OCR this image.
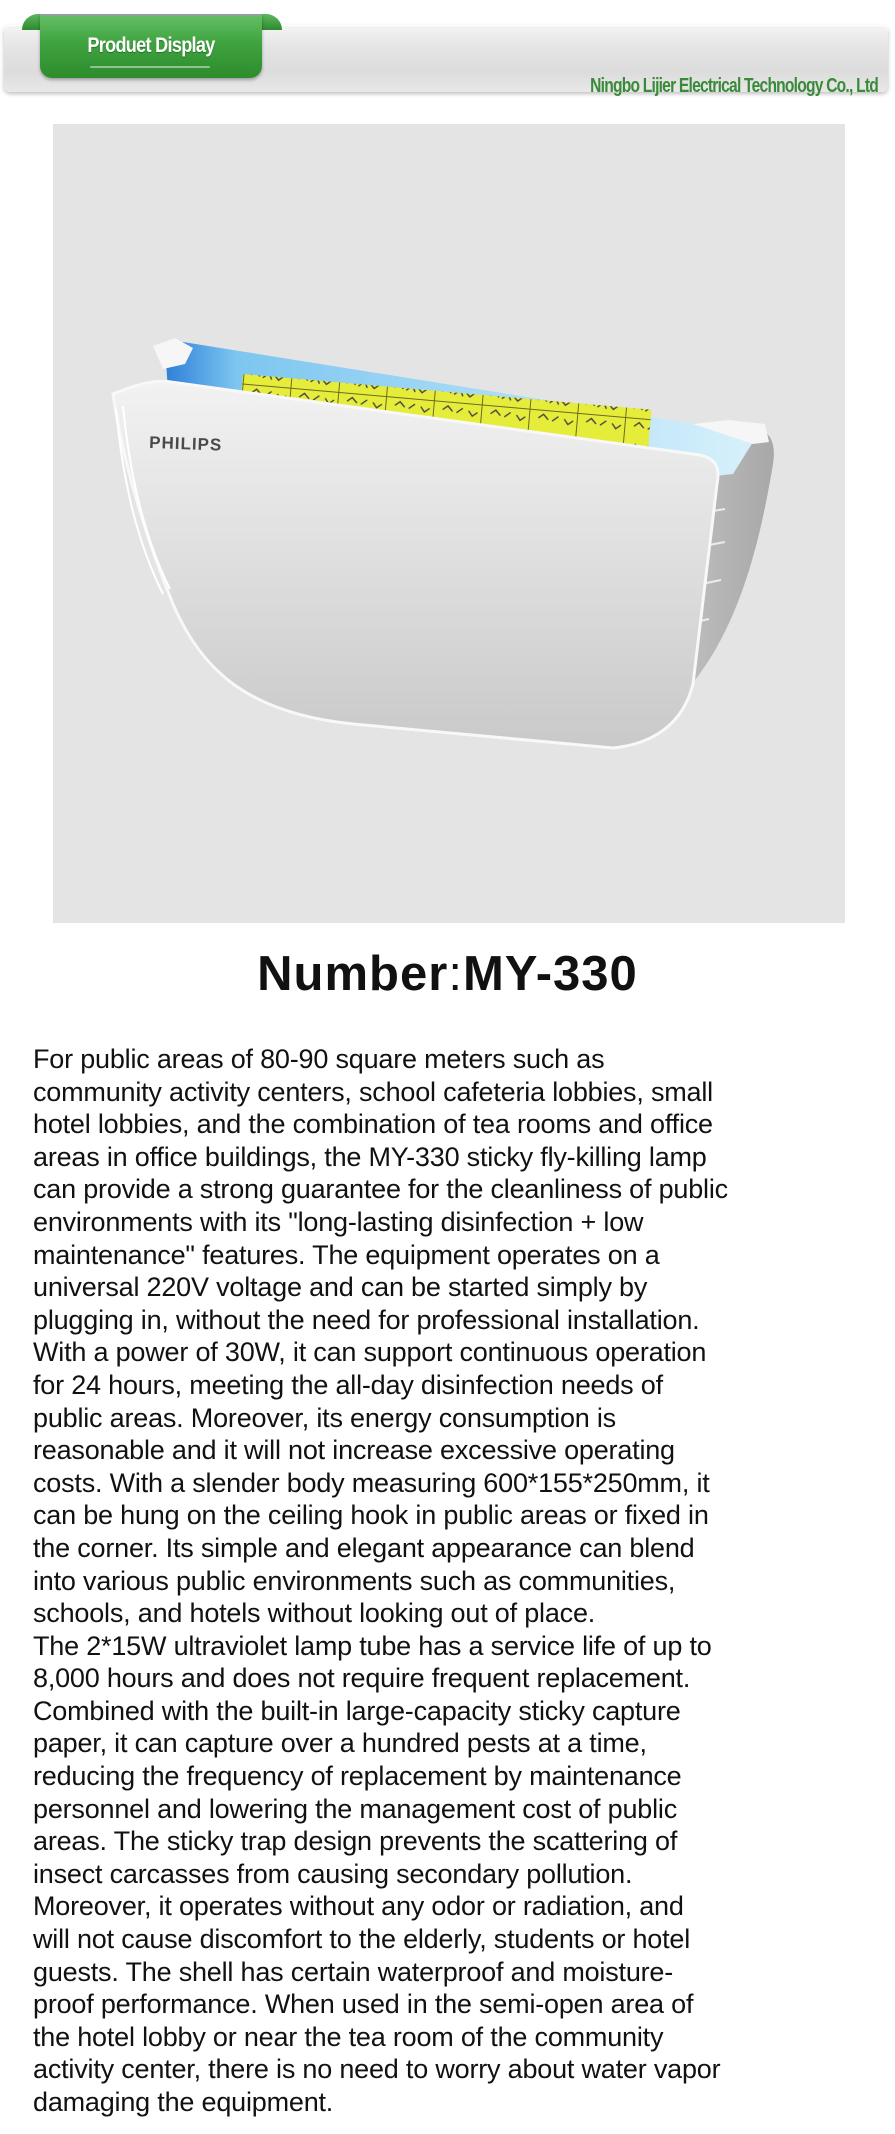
Ningbo Lijier Electrical Technology Co., Ltd
Produet Display
PHILIPS
Number:MY-330
For public areas of 80-90 square meters such as
community activity centers, school cafeteria lobbies, small
hotel lobbies, and the combination of tea rooms and office
areas in office buildings, the MY-330 sticky fly-killing lamp
can provide a strong guarantee for the cleanliness of public
environments with its "long-lasting disinfection + low
maintenance" features. The equipment operates on a
universal 220V voltage and can be started simply by
plugging in, without the need for professional installation.
With a power of 30W, it can support continuous operation
for 24 hours, meeting the all-day disinfection needs of
public areas. Moreover, its energy consumption is
reasonable and it will not increase excessive operating
costs. With a slender body measuring 600*155*250mm, it
can be hung on the ceiling hook in public areas or fixed in
the corner. Its simple and elegant appearance can blend
into various public environments such as communities,
schools, and hotels without looking out of place.
The 2*15W ultraviolet lamp tube has a service life of up to
8,000 hours and does not require frequent replacement.
Combined with the built-in large-capacity sticky capture
paper, it can capture over a hundred pests at a time,
reducing the frequency of replacement by maintenance
personnel and lowering the management cost of public
areas. The sticky trap design prevents the scattering of
insect carcasses from causing secondary pollution.
Moreover, it operates without any odor or radiation, and
will not cause discomfort to the elderly, students or hotel
guests. The shell has certain waterproof and moisture-
proof performance. When used in the semi-open area of
the hotel lobby or near the tea room of the community
activity center, there is no need to worry about water vapor
damaging the equipment.
